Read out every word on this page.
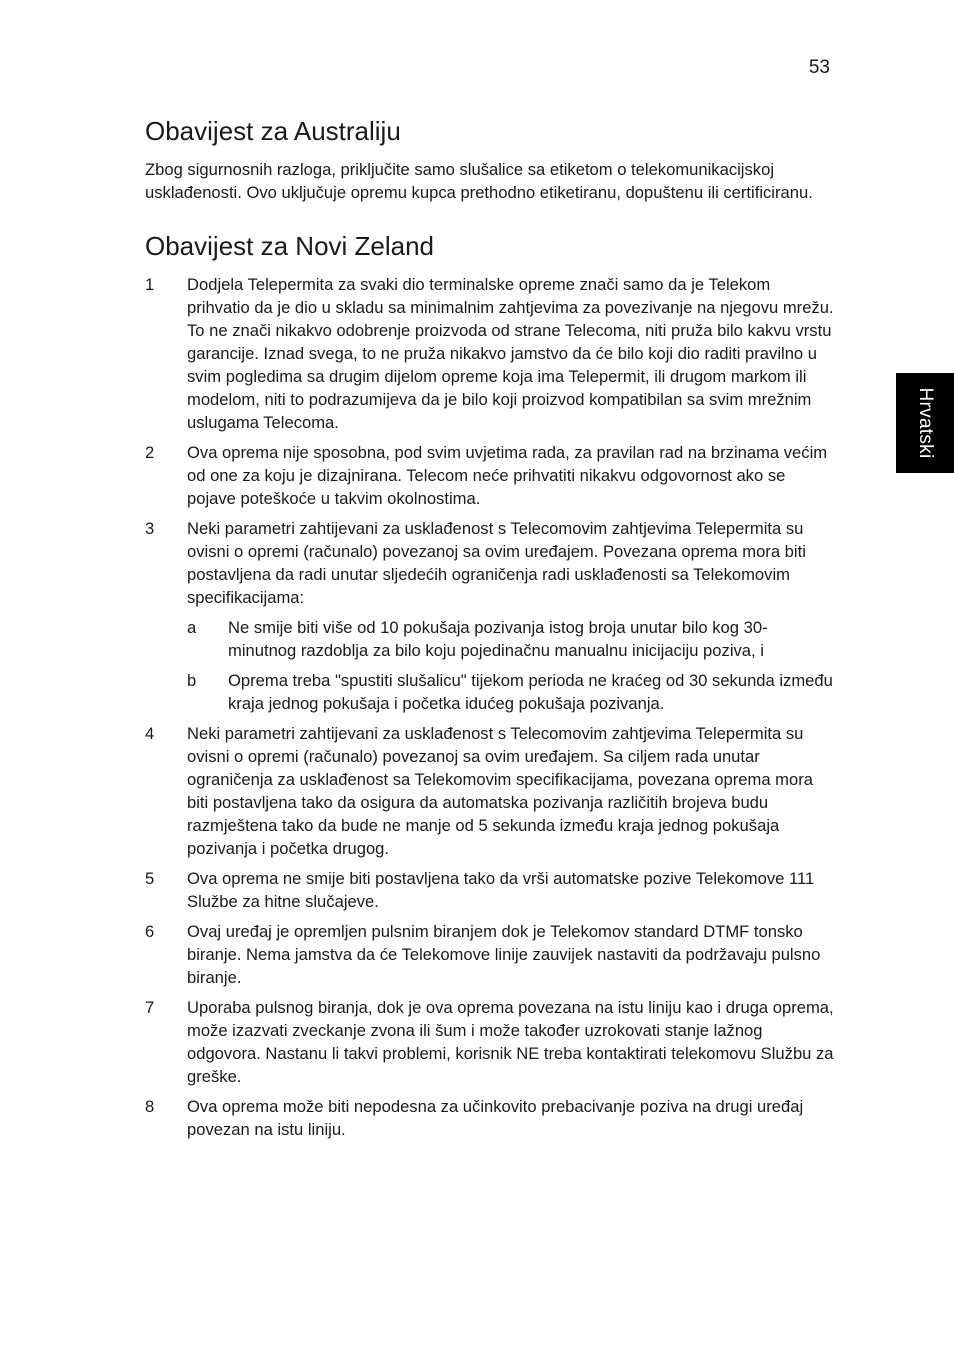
53
Hrvatski
Obavijest za Australiju

Zbog sigurnosnih razloga, priključite samo slušalice sa etiketom o telekomunikacijskoj usklađenosti. Ovo uključuje opremu kupca prethodno etiketiranu, dopuštenu ili certificiranu.

Obavijest za Novi Zeland
1	Dodjela Telepermita za svaki dio terminalske opreme znači samo da je Telekom prihvatio da je dio u skladu sa minimalnim zahtjevima za povezivanje na njegovu mrežu. To ne znači nikakvo odobrenje proizvoda od strane Telecoma, niti pruža bilo kakvu vrstu garancije. Iznad svega, to ne pruža nikakvo jamstvo da će bilo koji dio raditi pravilno u svim pogledima sa drugim dijelom opreme koja ima Telepermit, ili drugom markom ili modelom, niti to podrazumijeva da je bilo koji proizvod kompatibilan sa svim mrežnim uslugama Telecoma.
2	Ova oprema nije sposobna, pod svim uvjetima rada, za pravilan rad na brzinama većim od one za koju je dizajnirana. Telecom neće prihvatiti nikakvu odgovornost ako se pojave poteškoće u takvim okolnostima.
3	Neki parametri zahtijevani za usklađenost s Telecomovim zahtjevima Telepermita su ovisni o opremi (računalo) povezanoj sa ovim uređajem. Povezana oprema mora biti postavljena da radi unutar sljedećih ograničenja radi usklađenosti sa Telekomovim specifikacijama:
a	Ne smije biti više od 10 pokušaja pozivanja istog broja unutar bilo kog 30-minutnog razdoblja za bilo koju pojedinačnu manualnu inicijaciju poziva, i
b	Oprema treba "spustiti slušalicu" tijekom perioda ne kraćeg od 30 sekunda između kraja jednog pokušaja i početka idućeg pokušaja pozivanja.
4	Neki parametri zahtijevani za usklađenost s Telecomovim zahtjevima Telepermita su ovisni o opremi (računalo) povezanoj sa ovim uređajem. Sa ciljem rada unutar ograničenja za usklađenost sa Telekomovim specifikacijama, povezana oprema mora biti postavljena tako da osigura da automatska pozivanja različitih brojeva budu razmještena tako da bude ne manje od 5 sekunda između kraja jednog pokušaja pozivanja i početka drugog.
5	Ova oprema ne smije biti postavljena tako da vrši automatske pozive Telekomove 111 Službe za hitne slučajeve.
6	Ovaj uređaj je opremljen pulsnim biranjem dok je Telekomov standard DTMF tonsko biranje. Nema jamstva da će Telekomove linije zauvijek nastaviti da podržavaju pulsno biranje.
7	Uporaba pulsnog biranja, dok je ova oprema povezana na istu liniju kao i druga oprema, može izazvati zveckanje zvona ili šum i može također uzrokovati stanje lažnog odgovora. Nastanu li takvi problemi, korisnik NE treba kontaktirati telekomovu Službu za greške.
8	Ova oprema može biti nepodesna za učinkovito prebacivanje poziva na drugi uređaj povezan na istu liniju.
